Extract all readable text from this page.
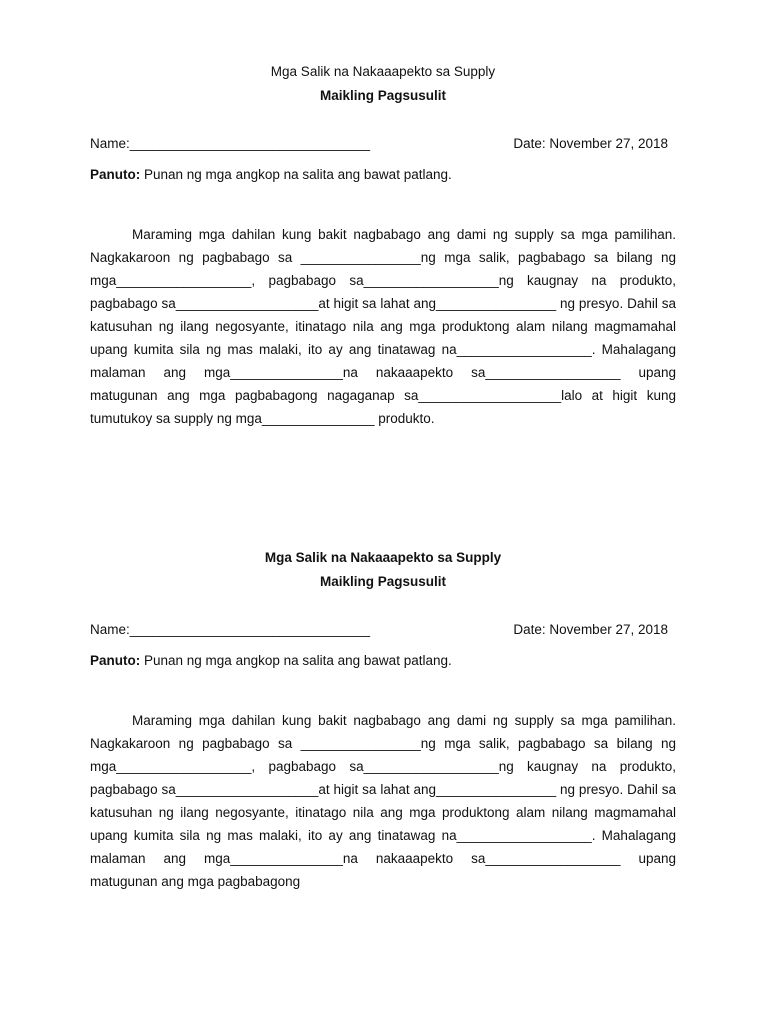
Mga Salik na Nakaaapekto sa Supply

Maikling Pagsusulit

Name:________________________________	Date: November 27, 2018
Panuto: Punan ng mga angkop na salita ang bawat patlang.

Maraming mga dahilan kung bakit nagbabago ang dami ng supply sa mga pamilihan. Nagkakaroon ng pagbabago sa ________________ng mga salik, pagbabago sa bilang ng mga__________________, pagbabago sa__________________ng kaugnay na produkto, pagbabago sa___________________at higit sa lahat ang________________ ng presyo. Dahil sa katusuhan ng ilang negosyante, itinatago nila ang mga produktong alam nilang magmamahal upang kumita sila ng mas malaki, ito ay ang tinatawag na__________________. Mahalagang malaman ang mga_______________na nakaaapekto sa__________________ upang matugunan ang mga pagbabagong nagaganap sa___________________lalo at higit kung tumutukoy sa supply ng mga_______________ produkto.

Mga Salik na Nakaaapekto sa Supply

Maikling Pagsusulit

Name:________________________________	Date: November 27, 2018
Panuto: Punan ng mga angkop na salita ang bawat patlang.

Maraming mga dahilan kung bakit nagbabago ang dami ng supply sa mga pamilihan. Nagkakaroon ng pagbabago sa ________________ng mga salik, pagbabago sa bilang ng mga__________________, pagbabago sa__________________ng kaugnay na produkto, pagbabago sa___________________at higit sa lahat ang________________ ng presyo. Dahil sa katusuhan ng ilang negosyante, itinatago nila ang mga produktong alam nilang magmamahal upang kumita sila ng mas malaki, ito ay ang tinatawag na__________________. Mahalagang malaman ang mga_______________na nakaaapekto sa__________________ upang matugunan ang mga pagbabagong
